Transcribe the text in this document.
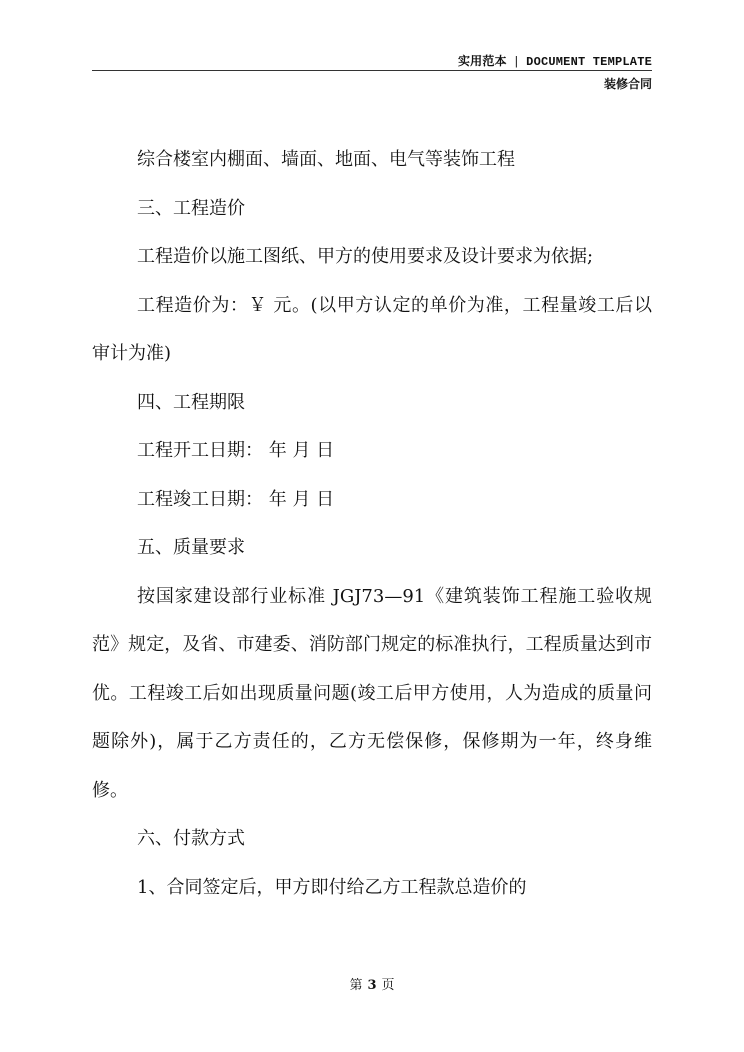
实用范本 | DOCUMENT TEMPLATE
装修合同

综合楼室内棚面、墙面、地面、电气等装饰工程

三、工程造价

工程造价以施工图纸、甲方的使用要求及设计要求为依据;

工程造价为：￥ 元。(以甲方认定的单价为准，工程量竣工后以审计为准)

四、工程期限

工程开工日期： 年 月 日

工程竣工日期： 年 月 日

五、质量要求

按国家建设部行业标准 JGJ73—91《建筑装饰工程施工验收规范》规定，及省、市建委、消防部门规定的标准执行，工程质量达到市优。工程竣工后如出现质量问题(竣工后甲方使用，人为造成的质量问题除外)，属于乙方责任的，乙方无偿保修，保修期为一年，终身维修。

六、付款方式

1、合同签定后，甲方即付给乙方工程款总造价的

第 3 页
